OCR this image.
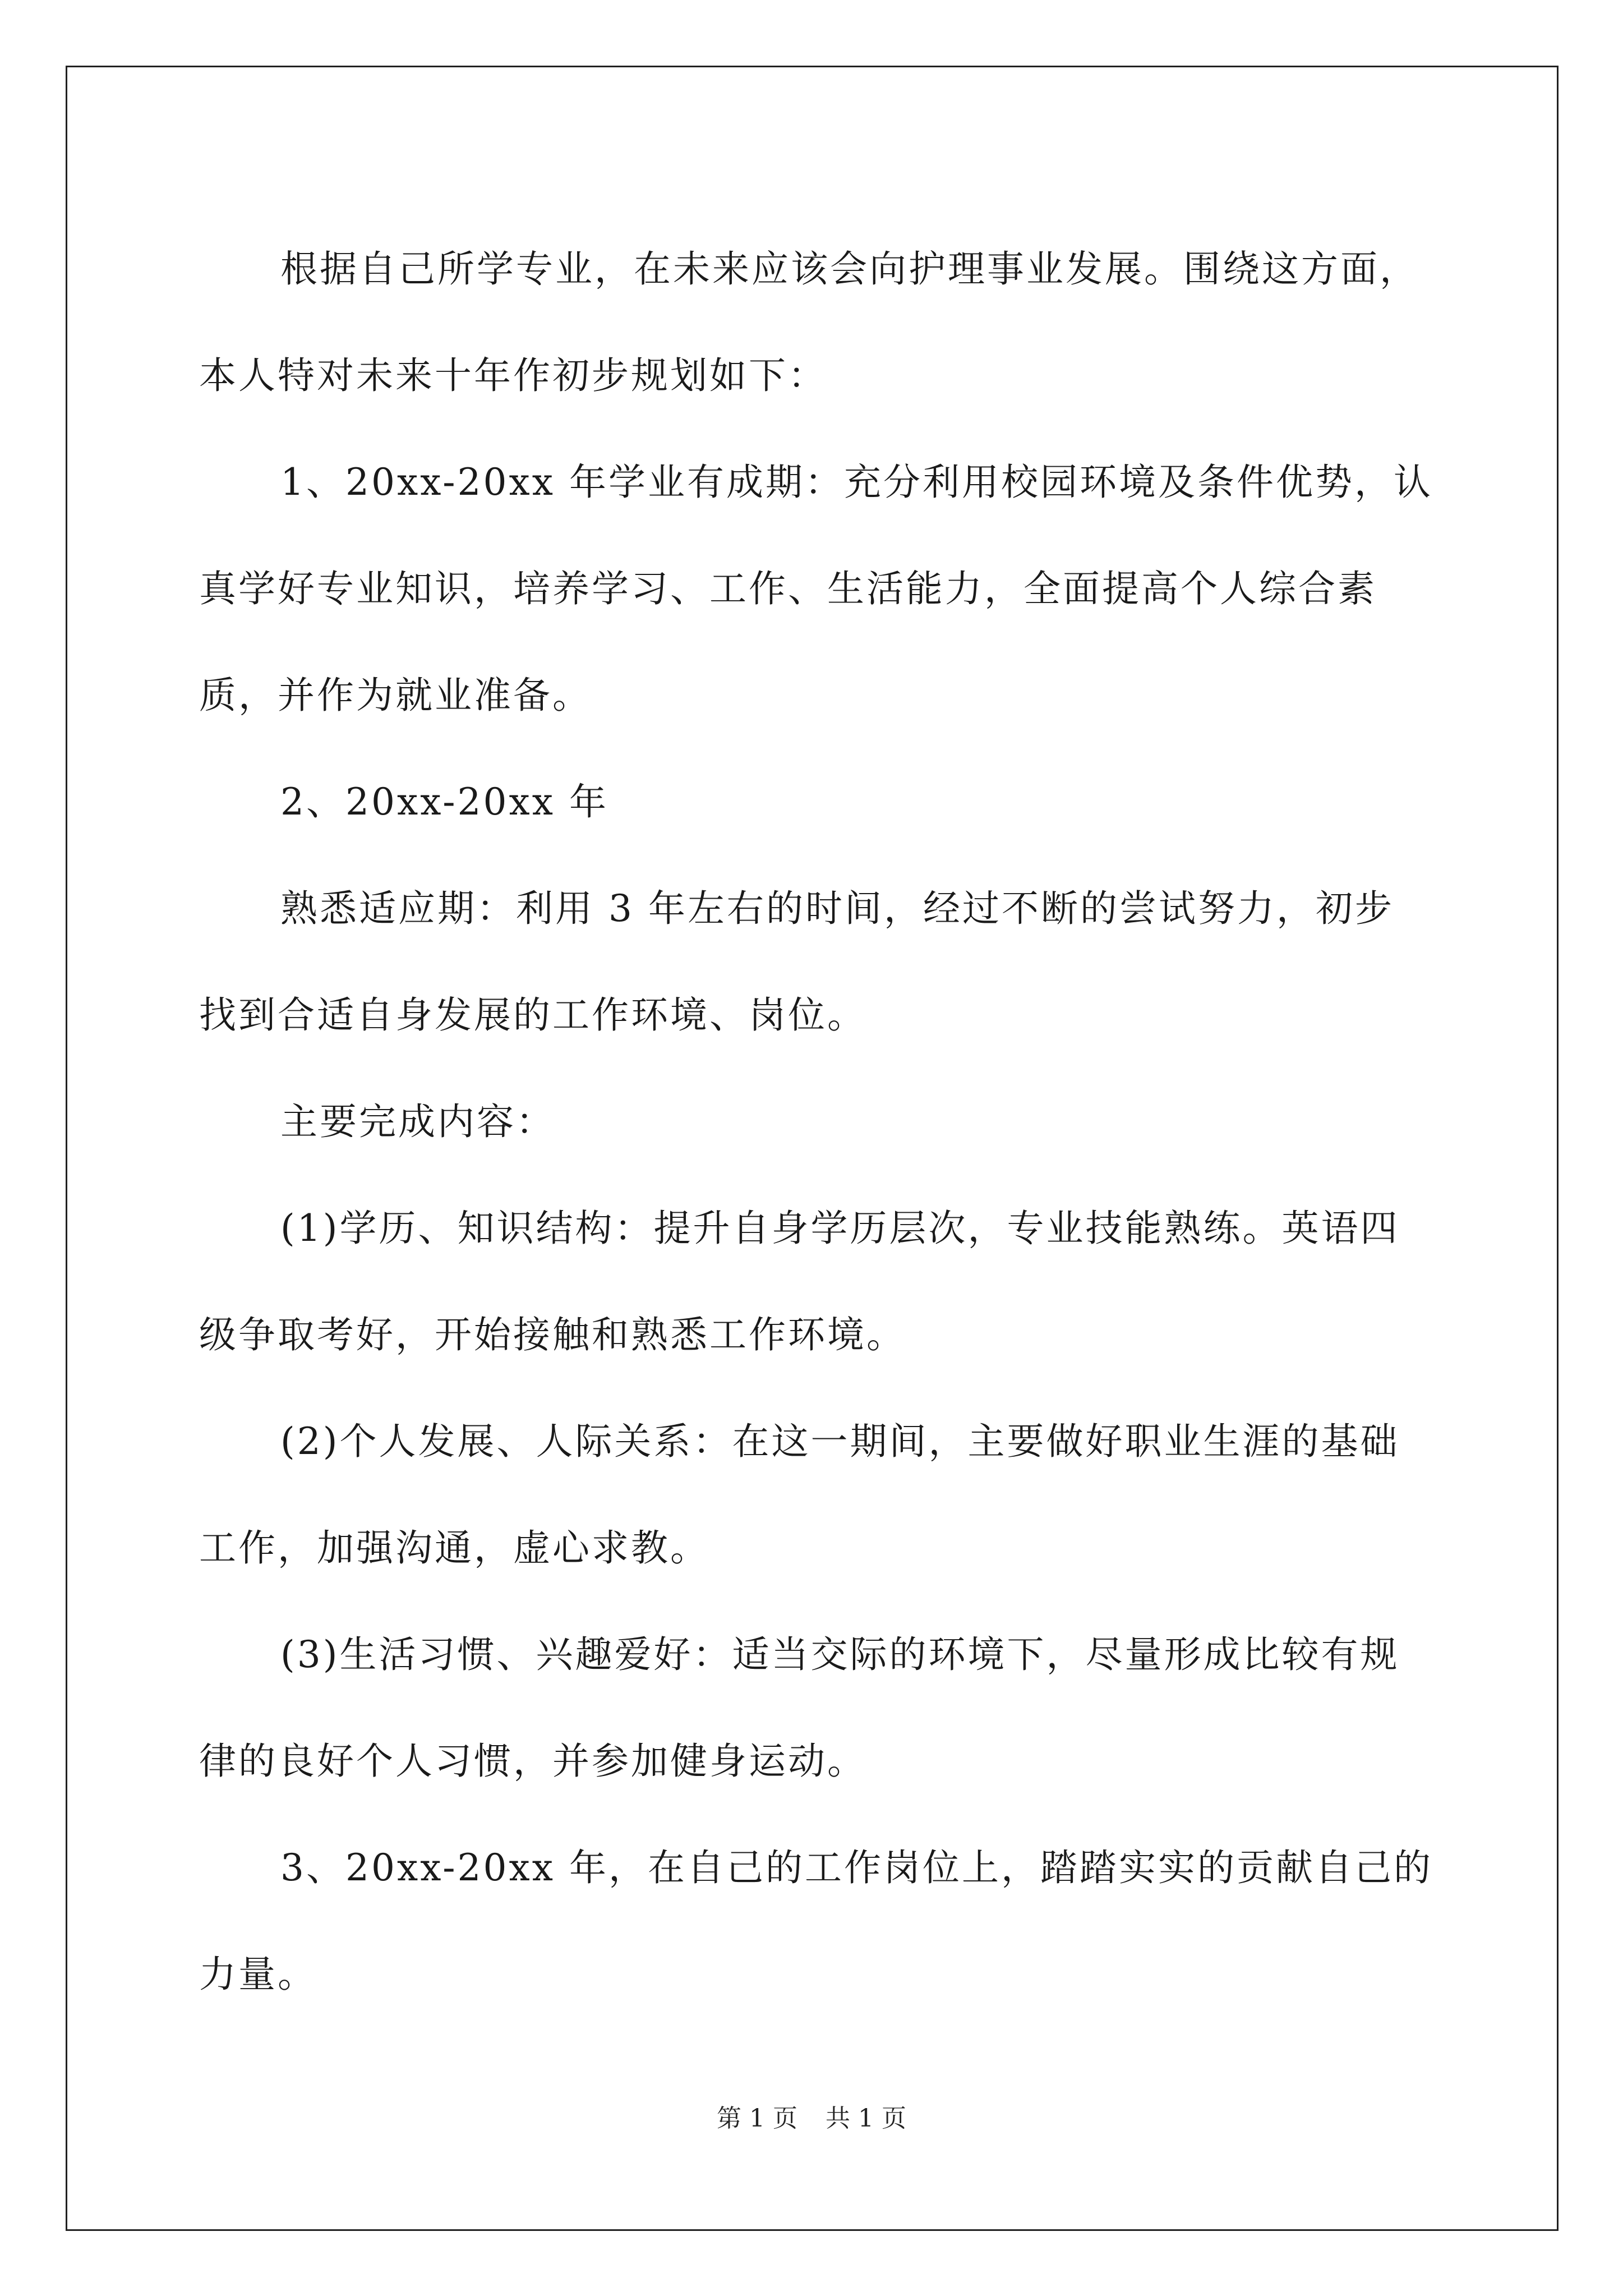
根据自己所学专业，在未来应该会向护理事业发展。围绕这方面，本人特对未来十年作初步规划如下：

1、20xx-20xx 年学业有成期：充分利用校园环境及条件优势，认真学好专业知识，培养学习、工作、生活能力，全面提高个人综合素质，并作为就业准备。

2、20xx-20xx 年

熟悉适应期：利用 3 年左右的时间，经过不断的尝试努力，初步找到合适自身发展的工作环境、岗位。

主要完成内容：

(1)学历、知识结构：提升自身学历层次，专业技能熟练。英语四级争取考好，开始接触和熟悉工作环境。

(2)个人发展、人际关系：在这一期间，主要做好职业生涯的基础工作，加强沟通，虚心求教。

(3)生活习惯、兴趣爱好：适当交际的环境下，尽量形成比较有规律的良好个人习惯，并参加健身运动。

3、20xx-20xx 年，在自己的工作岗位上，踏踏实实的贡献自己的力量。

第 1 页 共 1 页
